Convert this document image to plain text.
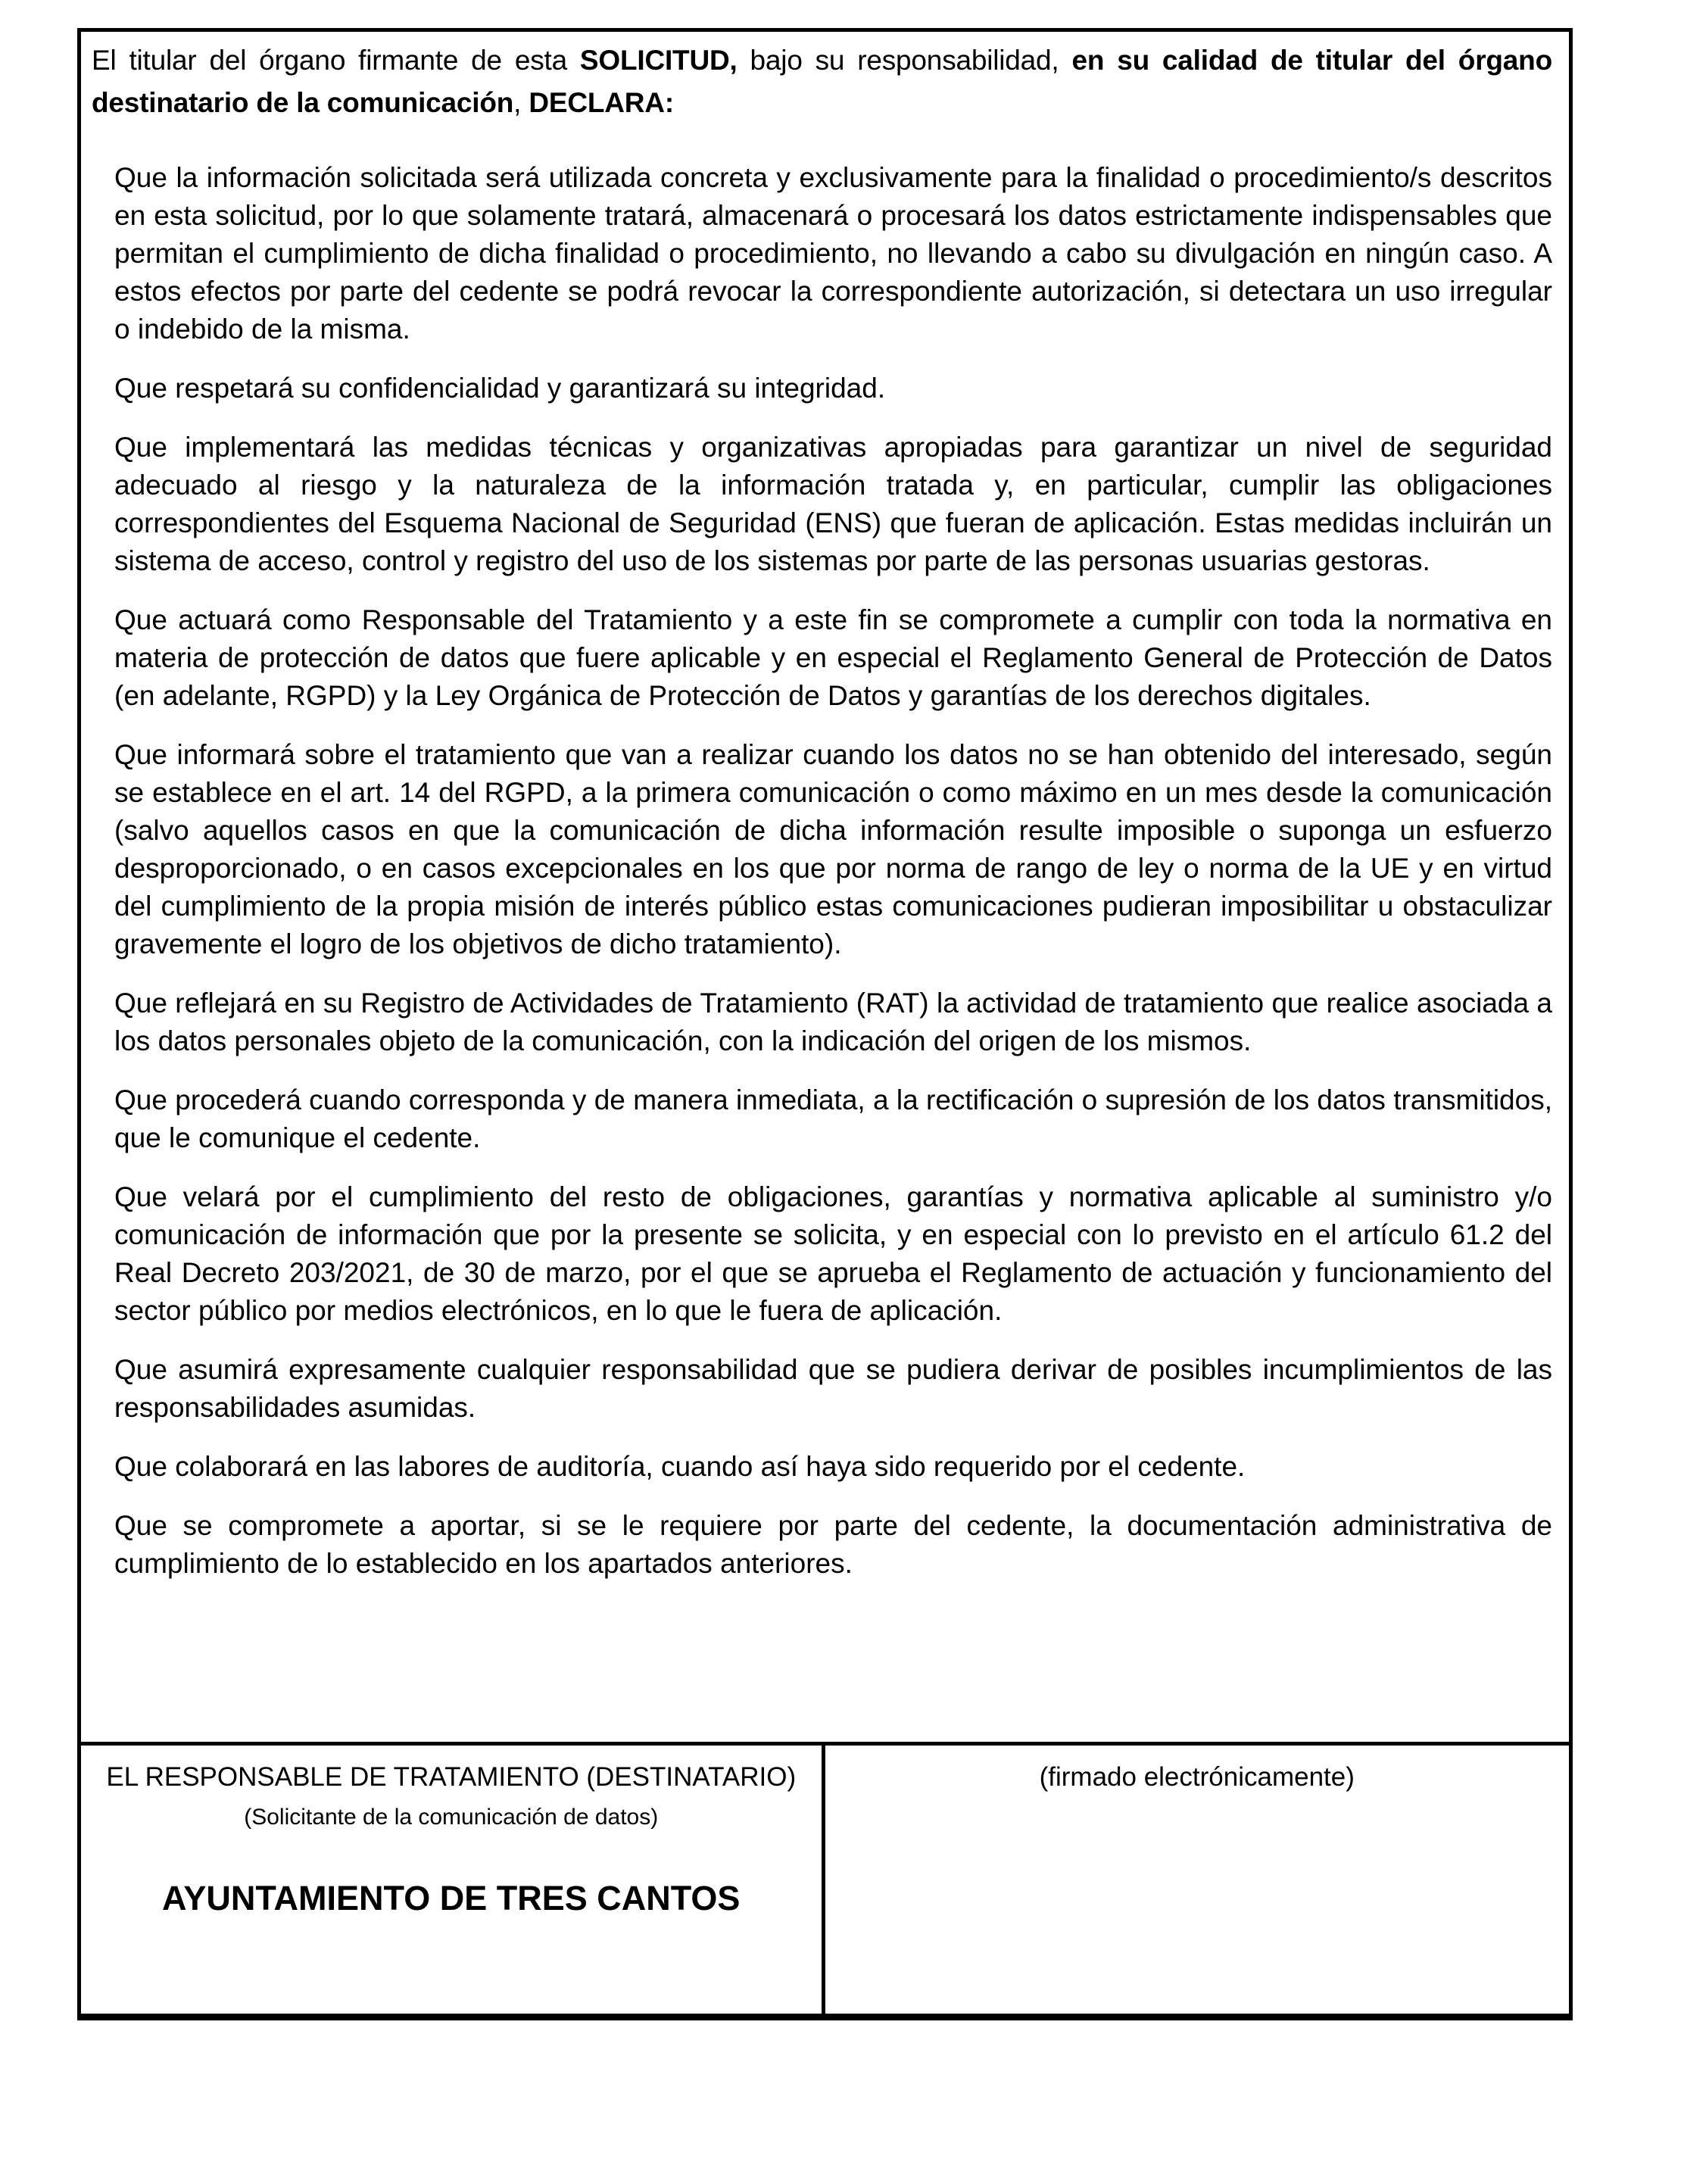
El titular del órgano firmante de esta SOLICITUD, bajo su responsabilidad, en su calidad de titular del órgano destinatario de la comunicación, DECLARA:

Que la información solicitada será utilizada concreta y exclusivamente para la finalidad o procedimiento/s descritos en esta solicitud, por lo que solamente tratará, almacenará o procesará los datos estrictamente indispensables que permitan el cumplimiento de dicha finalidad o procedimiento, no llevando a cabo su divulgación en ningún caso. A estos efectos por parte del cedente se podrá revocar la correspondiente autorización, si detectara un uso irregular o indebido de la misma.

Que respetará su confidencialidad y garantizará su integridad.

Que implementará las medidas técnicas y organizativas apropiadas para garantizar un nivel de seguridad adecuado al riesgo y la naturaleza de la información tratada y, en particular, cumplir las obligaciones correspondientes del Esquema Nacional de Seguridad (ENS) que fueran de aplicación. Estas medidas incluirán un sistema de acceso, control y registro del uso de los sistemas por parte de las personas usuarias gestoras.

Que actuará como Responsable del Tratamiento y a este fin se compromete a cumplir con toda la normativa en materia de protección de datos que fuere aplicable y en especial el Reglamento General de Protección de Datos (en adelante, RGPD) y la Ley Orgánica de Protección de Datos y garantías de los derechos digitales.

Que informará sobre el tratamiento que van a realizar cuando los datos no se han obtenido del interesado, según se establece en el art. 14 del RGPD, a la primera comunicación o como máximo en un mes desde la comunicación (salvo aquellos casos en que la comunicación de dicha información resulte imposible o suponga un esfuerzo desproporcionado, o en casos excepcionales en los que por norma de rango de ley o norma de la UE y en virtud del cumplimiento de la propia misión de interés público estas comunicaciones pudieran imposibilitar u obstaculizar gravemente el logro de los objetivos de dicho tratamiento).

Que reflejará en su Registro de Actividades de Tratamiento (RAT) la actividad de tratamiento que realice asociada a los datos personales objeto de la comunicación, con la indicación del origen de los mismos.

Que procederá cuando corresponda y de manera inmediata, a la rectificación o supresión de los datos transmitidos, que le comunique el cedente.

Que velará por el cumplimiento del resto de obligaciones, garantías y normativa aplicable al suministro y/o comunicación de información que por la presente se solicita, y en especial con lo previsto en el artículo 61.2 del Real Decreto 203/2021, de 30 de marzo, por el que se aprueba el Reglamento de actuación y funcionamiento del sector público por medios electrónicos, en lo que le fuera de aplicación.

Que asumirá expresamente cualquier responsabilidad que se pudiera derivar de posibles incumplimientos de las responsabilidades asumidas.

Que colaborará en las labores de auditoría, cuando así haya sido requerido por el cedente.

Que se compromete a aportar, si se le requiere por parte del cedente, la documentación administrativa de cumplimiento de lo establecido en los apartados anteriores.

EL RESPONSABLE DE TRATAMIENTO (DESTINATARIO)
(Solicitante de la comunicación de datos)
AYUNTAMIENTO DE TRES CANTOS
(firmado electrónicamente)
